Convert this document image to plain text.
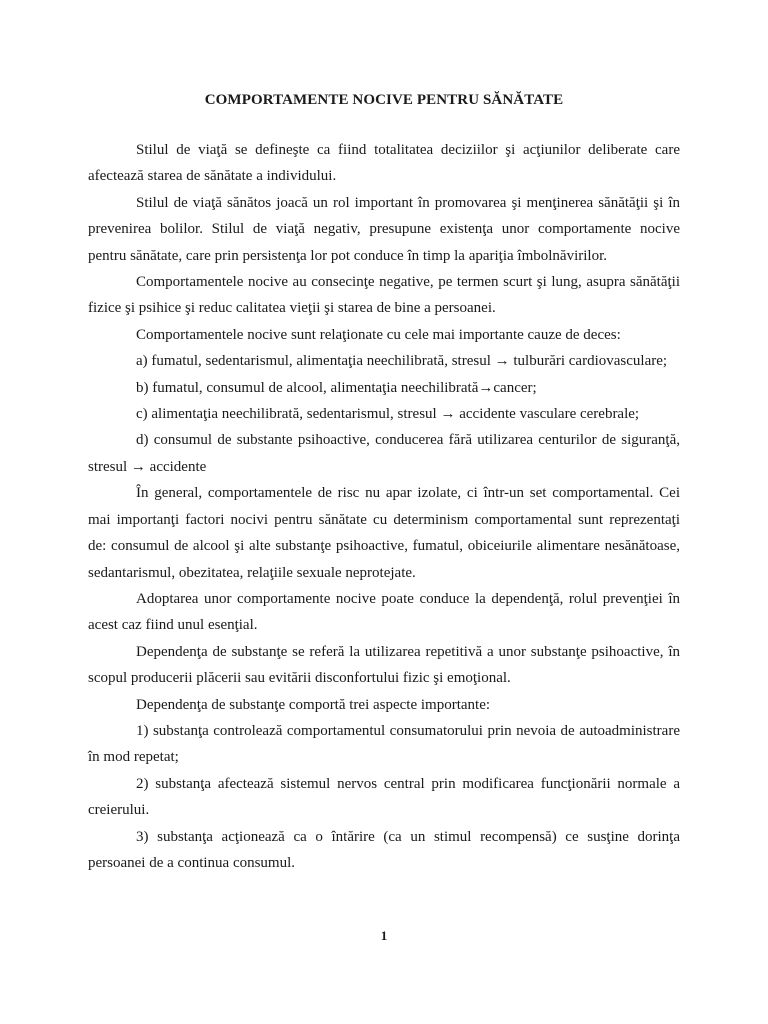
COMPORTAMENTE NOCIVE PENTRU SĂNĂTATE
Stilul de viaţă se defineşte ca fiind totalitatea deciziilor şi acţiunilor deliberate care
afectează starea de sănătate a individului.
Stilul de viaţă sănătos joacă un rol important în promovarea şi menţinerea sănătăţii şi în
prevenirea bolilor. Stilul de viaţă negativ, presupune existenţa unor comportamente nocive
pentru sănătate, care prin persistenţa lor pot conduce în timp la apariţia îmbolnăvirilor.
Comportamentele nocive au consecinţe negative, pe termen scurt şi lung, asupra sănătăţii
fizice şi psihice şi reduc calitatea vieţii şi starea de bine a persoanei.
Comportamentele nocive sunt relaţionate cu cele mai importante cauze de deces:
a) fumatul, sedentarismul, alimentaţia neechilibrată, stresul → tulburări cardiovasculare;
b) fumatul, consumul de alcool, alimentaţia neechilibrată→cancer;
c) alimentaţia neechilibrată, sedentarismul, stresul → accidente vasculare cerebrale;
d) consumul de substante psihoactive, conducerea fără utilizarea centurilor de siguranţă,
stresul → accidente
În general, comportamentele de risc nu apar izolate, ci într-un set comportamental. Cei
mai importanţi factori nocivi pentru sănătate cu determinism comportamental sunt reprezentaţi
de: consumul de alcool şi alte substanţe psihoactive, fumatul, obiceiurile alimentare nesănătoase,
sedantarismul, obezitatea, relaţiile sexuale neprotejate.
Adoptarea unor comportamente nocive poate conduce la dependenţă, rolul prevenţiei în
acest caz fiind unul esenţial.
Dependenţa de substanţe se referă la utilizarea repetitivă a unor substanţe psihoactive, în
scopul producerii plăcerii sau evitării disconfortului fizic şi emoţional.
Dependenţa de substanţe comportă trei aspecte importante:
1) substanţa controlează comportamentul consumatorului prin nevoia de autoadministrare
în mod repetat;
2) substanţa afectează sistemul nervos central prin modificarea funcţionării normale a
creierului.
3) substanţa acţionează ca o întărire (ca un stimul recompensă) ce susţine dorinţa
persoanei de a continua consumul.
1
